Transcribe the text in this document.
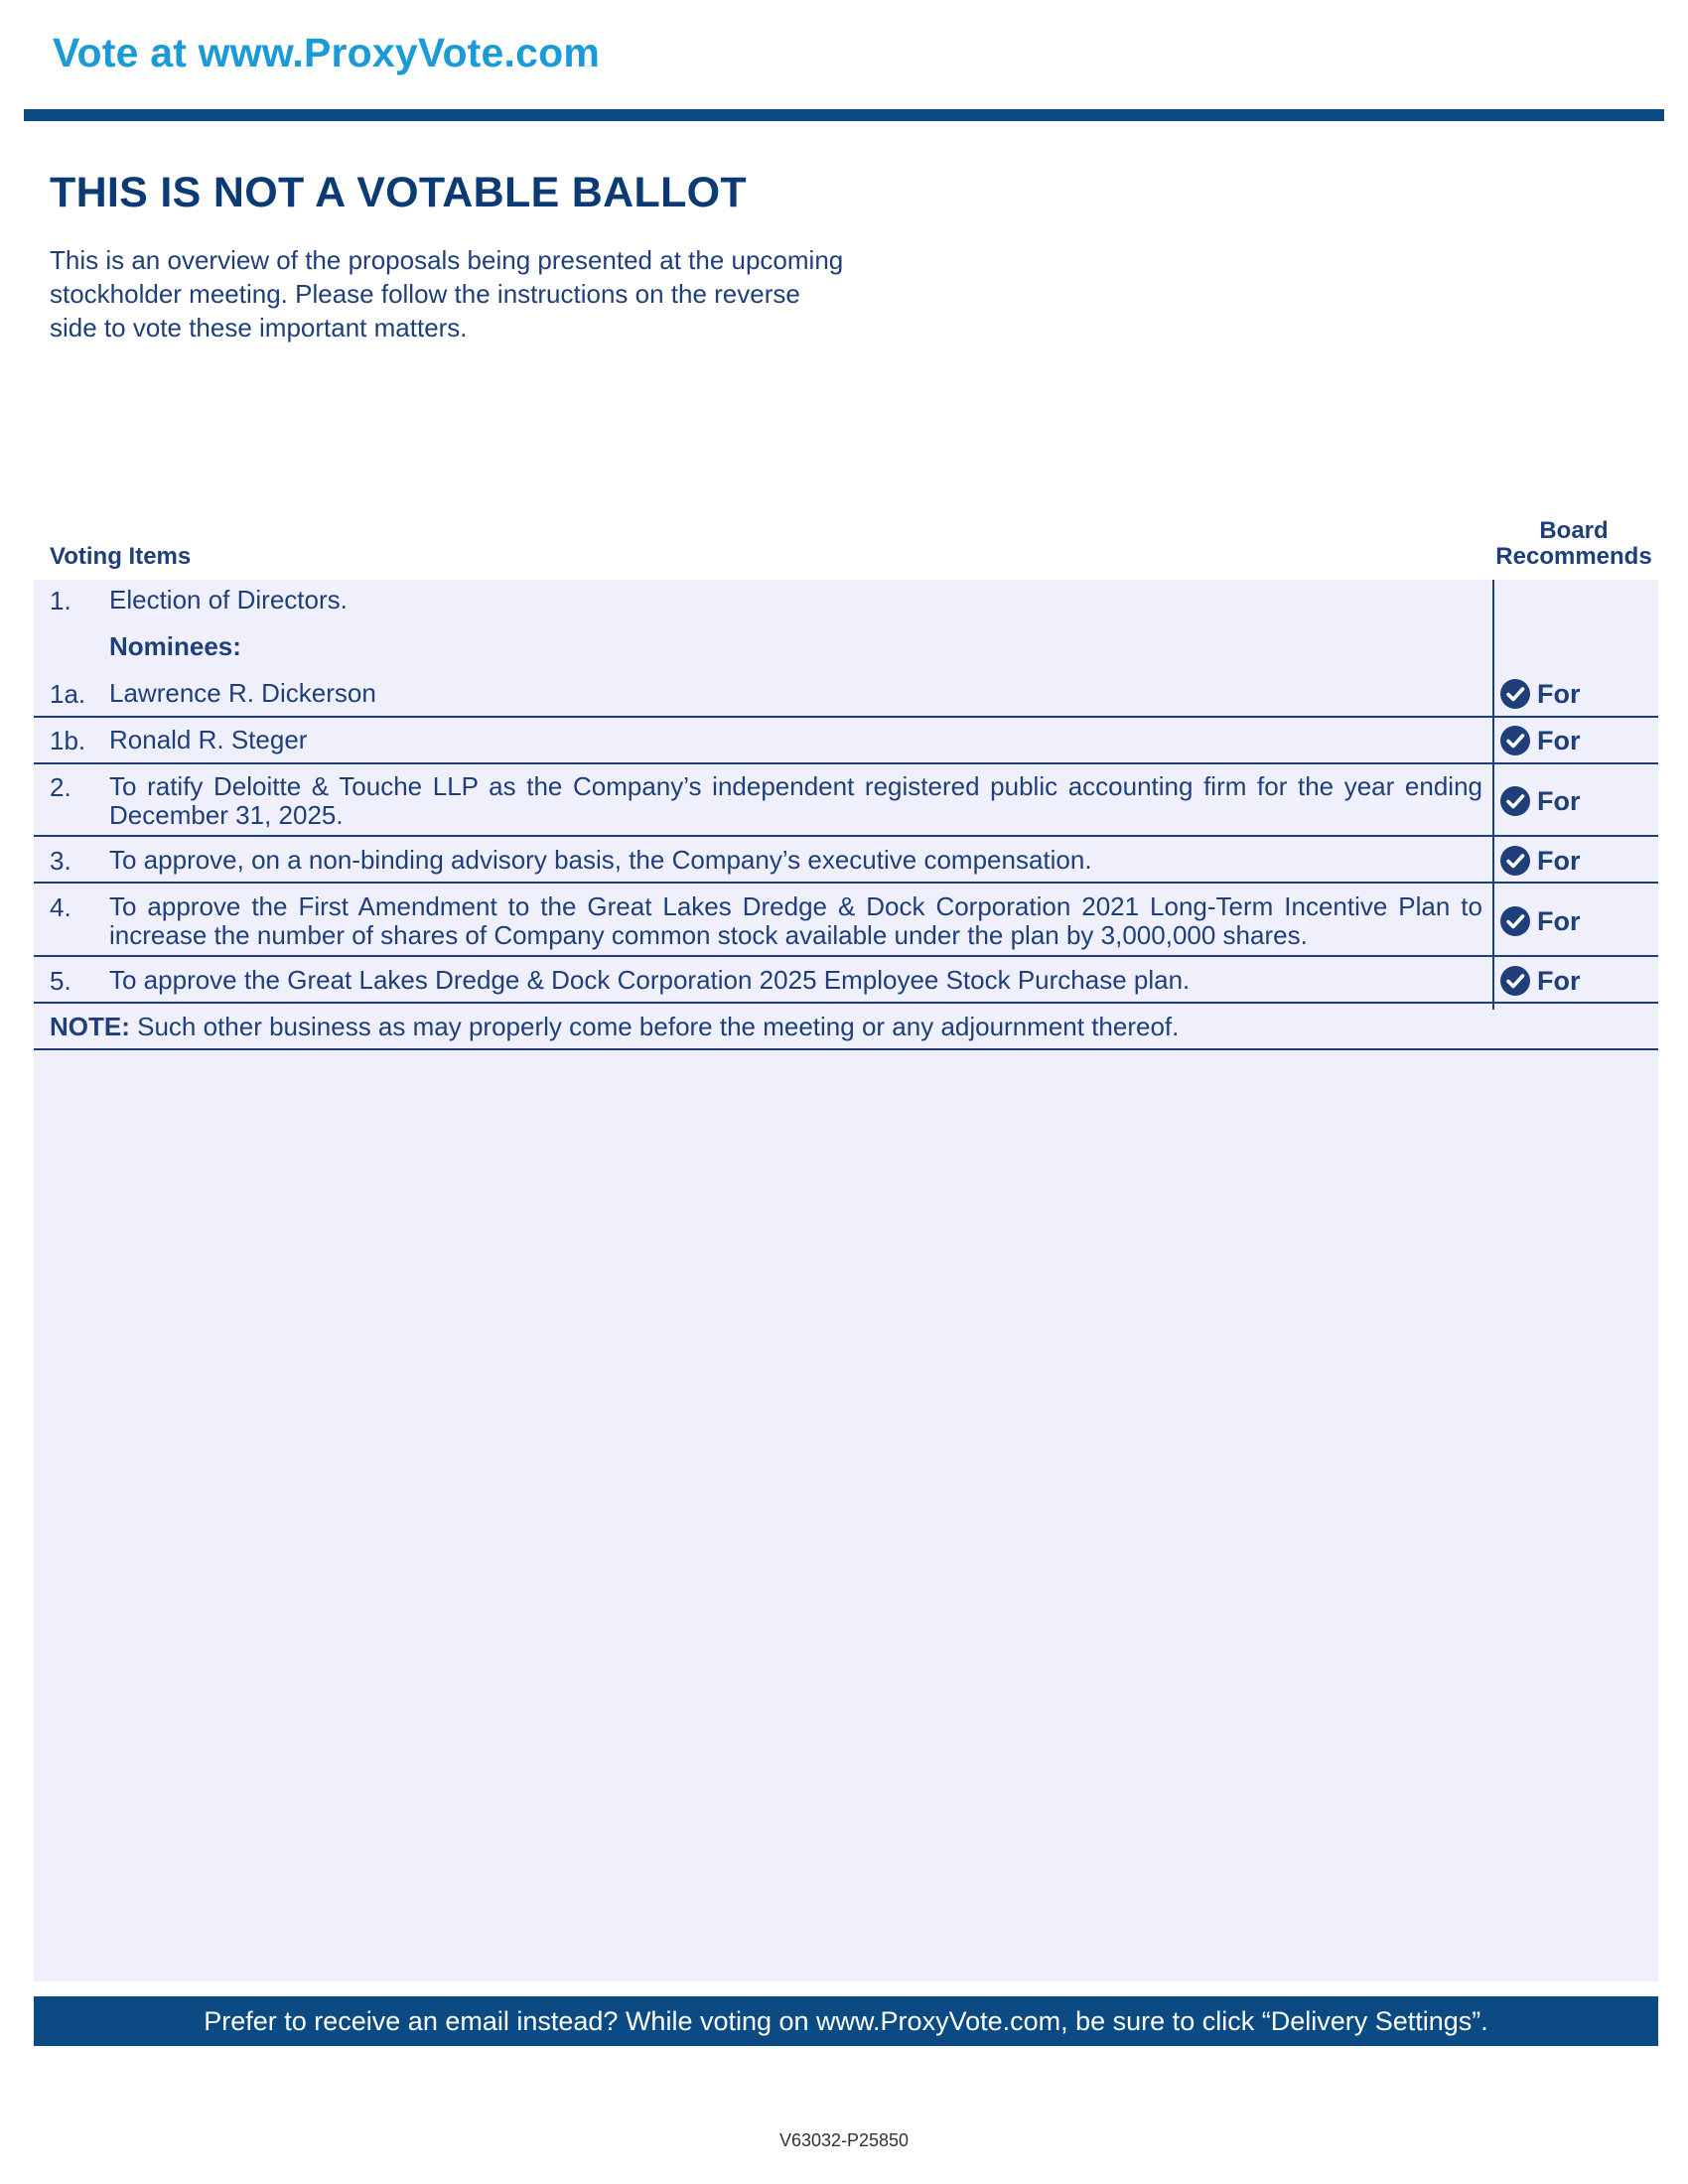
Vote at www.ProxyVote.com
THIS IS NOT A VOTABLE BALLOT
This is an overview of the proposals being presented at the upcoming stockholder meeting. Please follow the instructions on the reverse side to vote these important matters.
Voting Items
Board
Recommends
1. Election of Directors.
Nominees:
1a. Lawrence R. Dickerson	For
1b. Ronald R. Steger	For
2. To ratify Deloitte & Touche LLP as the Company’s independent registered public accounting firm for the year ending December 31, 2025.	For
3. To approve, on a non-binding advisory basis, the Company’s executive compensation.	For
4. To approve the First Amendment to the Great Lakes Dredge & Dock Corporation 2021 Long-Term Incentive Plan to increase the number of shares of Company common stock available under the plan by 3,000,000 shares.	For
5. To approve the Great Lakes Dredge & Dock Corporation 2025 Employee Stock Purchase plan.	For
NOTE: Such other business as may properly come before the meeting or any adjournment thereof.
Prefer to receive an email instead? While voting on www.ProxyVote.com, be sure to click “Delivery Settings”.
V63032-P25850
